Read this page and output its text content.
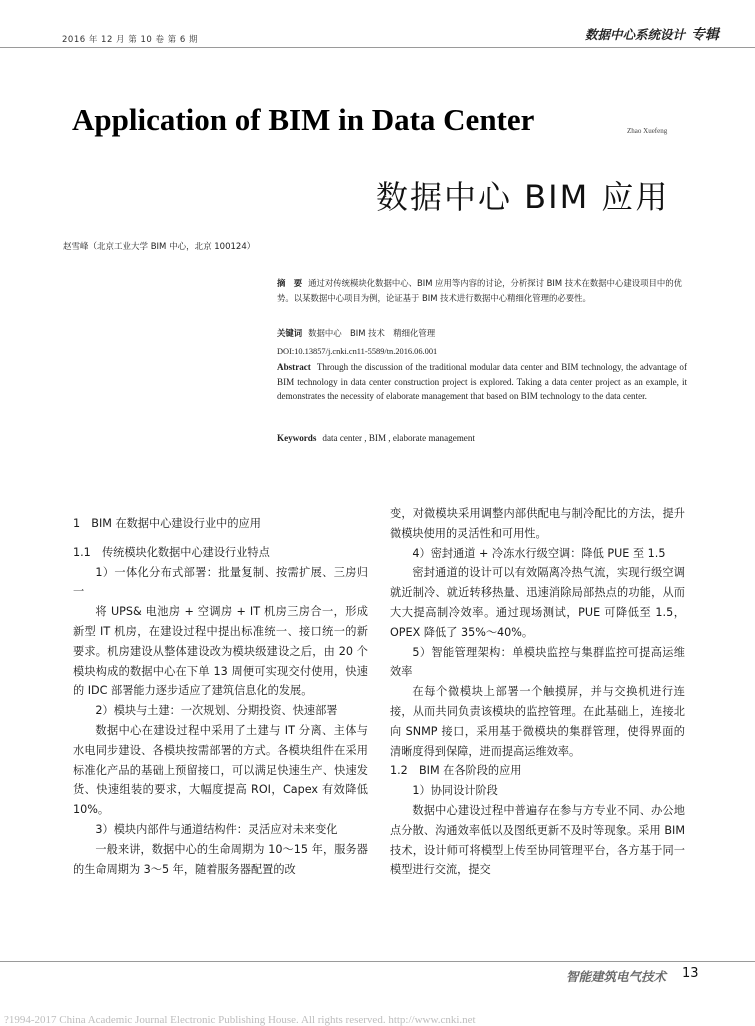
2016 年 12 月 第 10 卷 第 6 期	数据中心系统设计 专辑
Application of BIM in Data Center	Zhao Xuefeng
数据中心 BIM 应用
赵雪峰（北京工业大学 BIM 中心，北京 100124）
摘　要 通过对传统模块化数据中心、BIM 应用等内容的讨论，分析探讨 BIM 技术在数据中心建设项目中的优势。以某数据中心项目为例，论证基于 BIM 技术进行数据中心精细化管理的必要性。
关键词 数据中心　BIM 技术　精细化管理
DOI:10.13857/j.cnki.cn11-5589/tn.2016.06.001
Abstract Through the discussion of the traditional modular data center and BIM technology, the advantage of BIM technology in data center construction project is explored. Taking a data center project as an example, it demonstrates the necessity of elaborate management that based on BIM technology to the data center.
Keywords data center , BIM , elaborate management
1　BIM 在数据中心建设行业中的应用
1.1　传统模块化数据中心建设行业特点

1）一体化分布式部署：批量复制、按需扩展、三房归一

将 UPS& 电池房 + 空调房 + IT 机房三房合一，形成新型 IT 机房，在建设过程中提出标准统一、接口统一的新要求。机房建设从整体建设改为模块级建设之后，由 20 个模块构成的数据中心在下单 13 周便可实现交付使用，快速的 IDC 部署能力逐步适应了建筑信息化的发展。

2）模块与土建：一次规划、分期投资、快速部署

数据中心在建设过程中采用了土建与 IT 分离、主体与水电同步建设、各模块按需部署的方式。各模块组件在采用标准化产品的基础上预留接口，可以满足快速生产、快速发货、快速组装的要求，大幅度提高 ROI，Capex 有效降低 10%。

3）模块内部件与通道结构件：灵活应对未来变化

一般来讲，数据中心的生命周期为 10～15 年，服务器的生命周期为 3～5 年，随着服务器配置的改

变，对微模块采用调整内部供配电与制冷配比的方法，提升微模块使用的灵活性和可用性。

4）密封通道 + 冷冻水行级空调：降低 PUE 至 1.5

密封通道的设计可以有效隔离冷热气流，实现行级空调就近制冷、就近转移热量、迅速消除局部热点的功能，从而大大提高制冷效率。通过现场测试，PUE 可降低至 1.5，OPEX 降低了 35%～40%。

5）智能管理架构：单模块监控与集群监控可提高运维效率

在每个微模块上部署一个触摸屏，并与交换机进行连接，从而共同负责该模块的监控管理。在此基础上，连接北向 SNMP 接口，采用基于微模块的集群管理，使得界面的清晰度得到保障，进而提高运维效率。

1.2　BIM 在各阶段的应用

1）协同设计阶段

数据中心建设过程中普遍存在参与方专业不同、办公地点分散、沟通效率低以及图纸更新不及时等现象。采用 BIM 技术，设计师可将模型上传至协同管理平台，各方基于同一模型进行交流，提交

智能建筑电气技术 13
?1994-2017 China Academic Journal Electronic Publishing House. All rights reserved. http://www.cnki.net
